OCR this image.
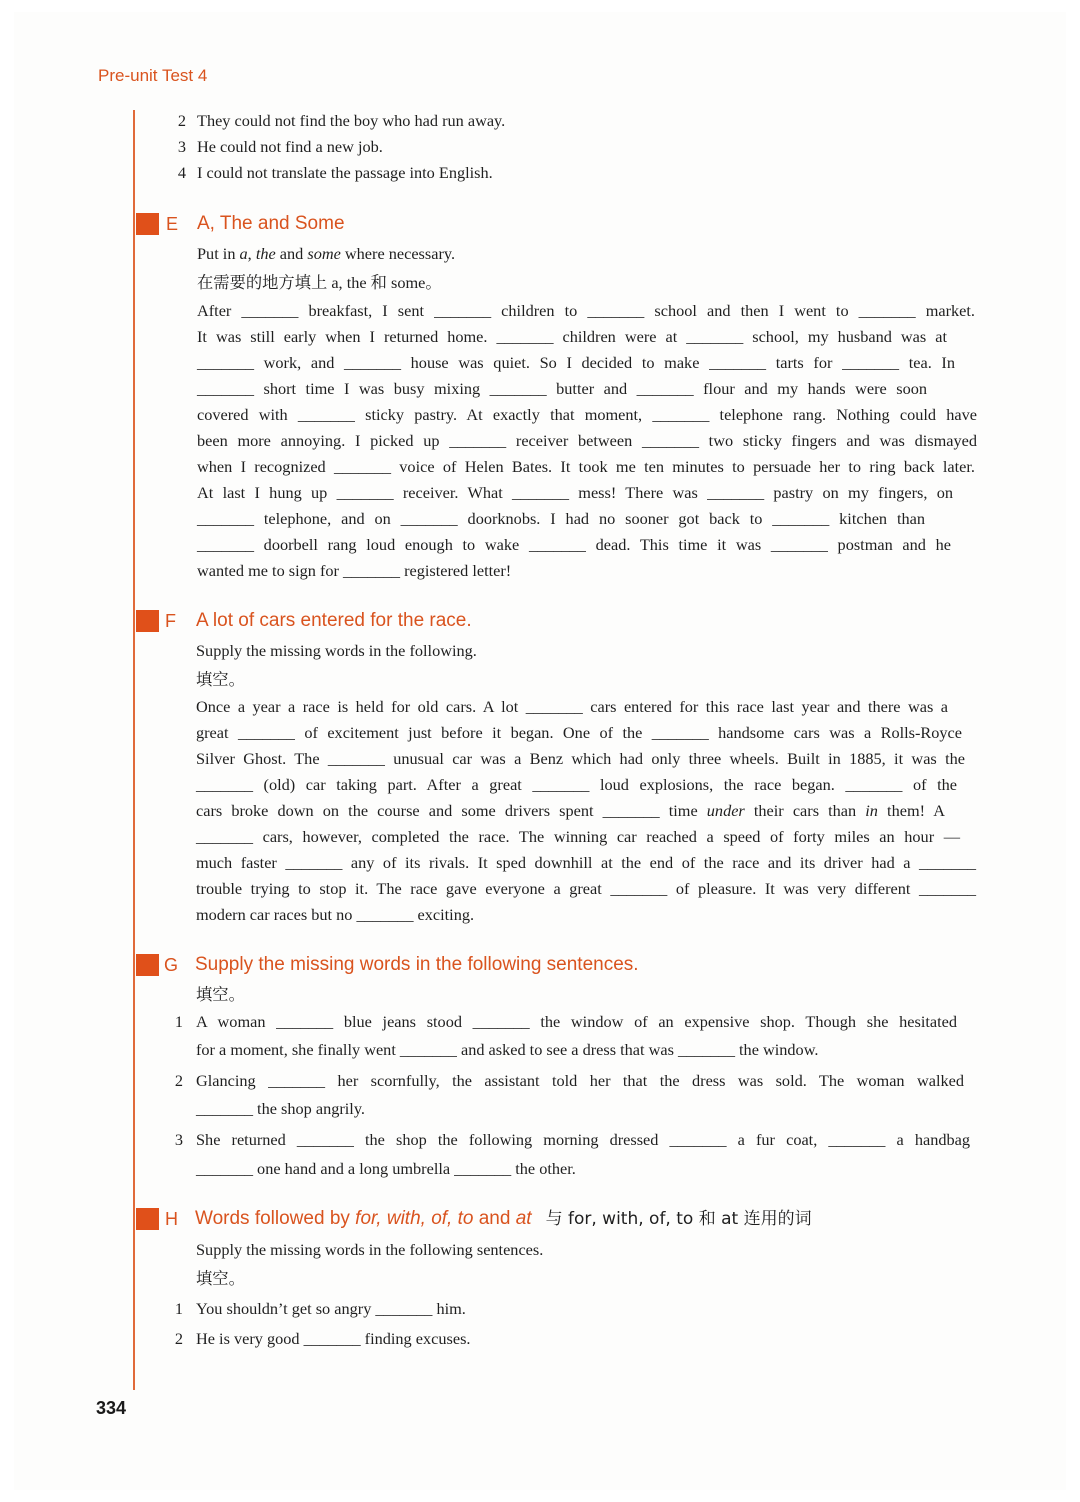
Pre-unit Test 4
2 They could not find the boy who had run away.
3 He could not find a new job.
4 I could not translate the passage into English.
E A, The and Some
Put in a, the and some where necessary.
在需要的地方填上 a, the 和 some。
After _______ breakfast, I sent _______ children to _______ school and then I went to _______ market.
It was still early when I returned home. _______ children were at _______ school, my husband was at
_______ work, and _______ house was quiet. So I decided to make _______ tarts for _______ tea. In
_______ short time I was busy mixing _______ butter and _______ flour and my hands were soon
covered with _______ sticky pastry. At exactly that moment, _______ telephone rang. Nothing could have
been more annoying. I picked up _______ receiver between _______ two sticky fingers and was dismayed
when I recognized _______ voice of Helen Bates. It took me ten minutes to persuade her to ring back later.
At last I hung up _______ receiver. What _______ mess! There was _______ pastry on my fingers, on
_______ telephone, and on _______ doorknobs. I had no sooner got back to _______ kitchen than
_______ doorbell rang loud enough to wake _______ dead. This time it was _______ postman and he
wanted me to sign for _______ registered letter!
F A lot of cars entered for the race.
Supply the missing words in the following.
填空。
Once a year a race is held for old cars. A lot _______ cars entered for this race last year and there was a
great _______ of excitement just before it began. One of the _______ handsome cars was a Rolls-Royce
Silver Ghost. The _______ unusual car was a Benz which had only three wheels. Built in 1885, it was the
_______ (old) car taking part. After a great _______ loud explosions, the race began. _______ of the
cars broke down on the course and some drivers spent _______ time under their cars than in them! A
_______ cars, however, completed the race. The winning car reached a speed of forty miles an hour —
much faster _______ any of its rivals. It sped downhill at the end of the race and its driver had a _______
trouble trying to stop it. The race gave everyone a great _______ of pleasure. It was very different _______
modern car races but no _______ exciting.
G Supply the missing words in the following sentences.
填空。
1 A woman _______ blue jeans stood _______ the window of an expensive shop. Though she hesitated
for a moment, she finally went _______ and asked to see a dress that was _______ the window.
2 Glancing _______ her scornfully, the assistant told her that the dress was sold. The woman walked
_______ the shop angrily.
3 She returned _______ the shop the following morning dressed _______ a fur coat, _______ a handbag
_______ one hand and a long umbrella _______ the other.
H Words followed by for, with, of, to and at 与 for, with, of, to 和 at 连用的词
Supply the missing words in the following sentences.
填空。
1 You shouldn’t get so angry _______ him.
2 He is very good _______ finding excuses.
334
